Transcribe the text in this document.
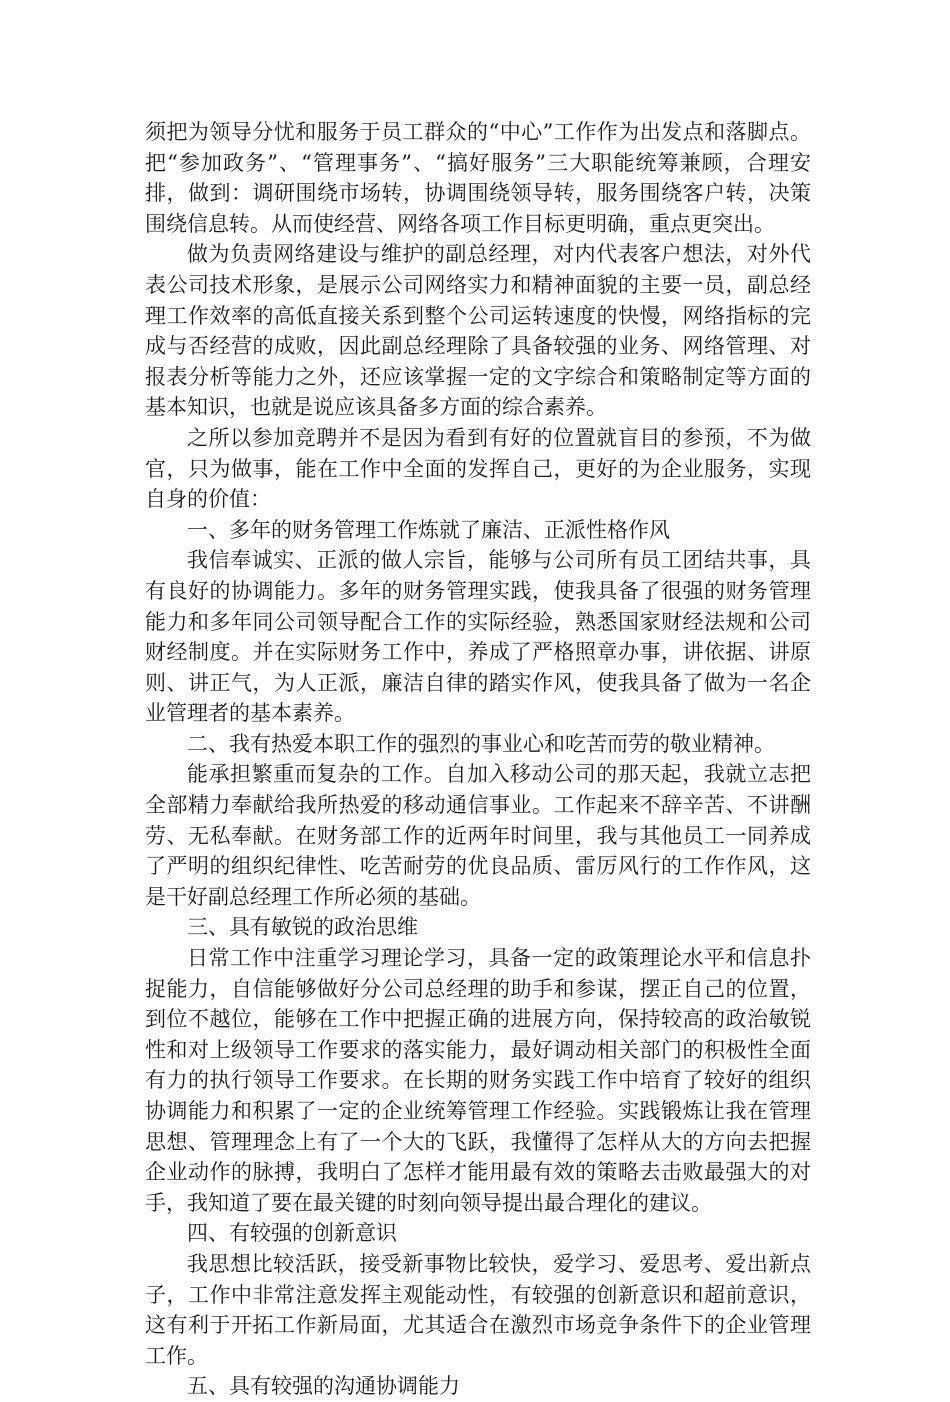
须把为领导分忧和服务于员工群众的“中心”工作作为出发点和落脚点。把“参加政务”、“管理事务”、“搞好服务”三大职能统筹兼顾，合理安排，做到：调研围绕市场转，协调围绕领导转，服务围绕客户转，决策围绕信息转。从而使经营、网络各项工作目标更明确，重点更突出。

做为负责网络建设与维护的副总经理，对内代表客户想法，对外代表公司技术形象，是展示公司网络实力和精神面貌的主要一员，副总经理工作效率的高低直接关系到整个公司运转速度的快慢，网络指标的完成与否经营的成败，因此副总经理除了具备较强的业务、网络管理、对报表分析等能力之外，还应该掌握一定的文字综合和策略制定等方面的基本知识，也就是说应该具备多方面的综合素养。

之所以参加竞聘并不是因为看到有好的位置就盲目的参预，不为做官，只为做事，能在工作中全面的发挥自己，更好的为企业服务，实现自身的价值：

一、多年的财务管理工作炼就了廉洁、正派性格作风

我信奉诚实、正派的做人宗旨，能够与公司所有员工团结共事，具有良好的协调能力。多年的财务管理实践，使我具备了很强的财务管理能力和多年同公司领导配合工作的实际经验，熟悉国家财经法规和公司财经制度。并在实际财务工作中，养成了严格照章办事，讲依据、讲原则、讲正气，为人正派，廉洁自律的踏实作风，使我具备了做为一名企业管理者的基本素养。

二、我有热爱本职工作的强烈的事业心和吃苦而劳的敬业精神。

能承担繁重而复杂的工作。自加入移动公司的那天起，我就立志把全部精力奉献给我所热爱的移动通信事业。工作起来不辞辛苦、不讲酬劳、无私奉献。在财务部工作的近两年时间里，我与其他员工一同养成了严明的组织纪律性、吃苦耐劳的优良品质、雷厉风行的工作作风，这是干好副总经理工作所必须的基础。

三、具有敏锐的政治思维

日常工作中注重学习理论学习，具备一定的政策理论水平和信息扑捉能力，自信能够做好分公司总经理的助手和参谋，摆正自己的位置，到位不越位，能够在工作中把握正确的进展方向，保持较高的政治敏锐性和对上级领导工作要求的落实能力，最好调动相关部门的积极性全面有力的执行领导工作要求。在长期的财务实践工作中培育了较好的组织协调能力和积累了一定的企业统筹管理工作经验。实践锻炼让我在管理思想、管理理念上有了一个大的飞跃，我懂得了怎样从大的方向去把握企业动作的脉搏，我明白了怎样才能用最有效的策略去击败最强大的对手，我知道了要在最关键的时刻向领导提出最合理化的建议。

四、有较强的创新意识

我思想比较活跃，接受新事物比较快，爱学习、爱思考、爱出新点子，工作中非常注意发挥主观能动性，有较强的创新意识和超前意识，这有利于开拓工作新局面，尤其适合在激烈市场竞争条件下的企业管理工作。

五、具有较强的沟通协调能力
